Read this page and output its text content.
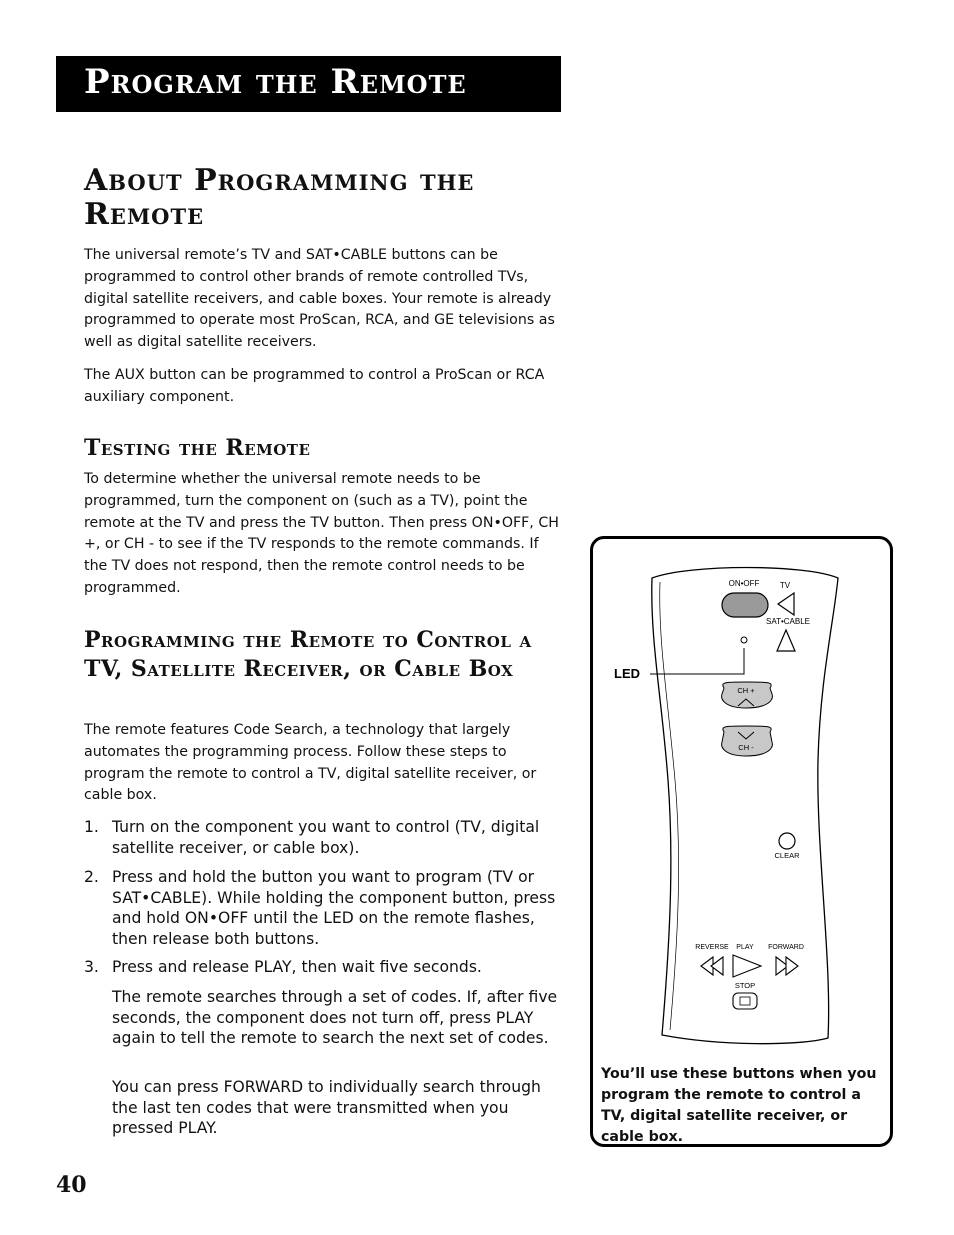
Program the Remote
About Programming the Remote
The universal remote’s TV and SAT•CABLE buttons can be programmed to control other brands of remote controlled TVs, digital satellite receivers, and cable boxes. Your remote is already programmed to operate most ProScan, RCA, and GE televisions as well as digital satellite receivers.
The AUX button can be programmed to control a ProScan or RCA auxiliary component.
Testing the Remote
To determine whether the universal remote needs to be programmed, turn the component on (such as a TV), point the remote at the TV and press the TV button. Then press ON•OFF, CH +, or CH - to see if the TV responds to the remote commands. If the TV does not respond, then the remote control needs to be programmed.
Programming the Remote to Control a TV, Satellite Receiver, or Cable Box
The remote features Code Search, a technology that largely automates the programming process. Follow these steps to program the remote to control a TV, digital satellite receiver, or cable box.
1. Turn on the component you want to control (TV, digital satellite receiver, or cable box).
2. Press and hold the button you want to program (TV or SAT•CABLE). While holding the component button, press and hold ON•OFF until the LED on the remote flashes, then release both buttons.
3. Press and release PLAY, then wait five seconds.
The remote searches through a set of codes. If, after five seconds, the component does not turn off, press PLAY again to tell the remote to search the next set of codes.
You can press FORWARD to individually search through the last ten codes that were transmitted when you pressed PLAY.
40
ON•OFF	TV
SAT•CABLE
LED
CH +
CH -
CLEAR
REVERSE PLAY FORWARD
STOP
You’ll use these buttons when you program the remote to control a TV, digital satellite receiver, or cable box.
